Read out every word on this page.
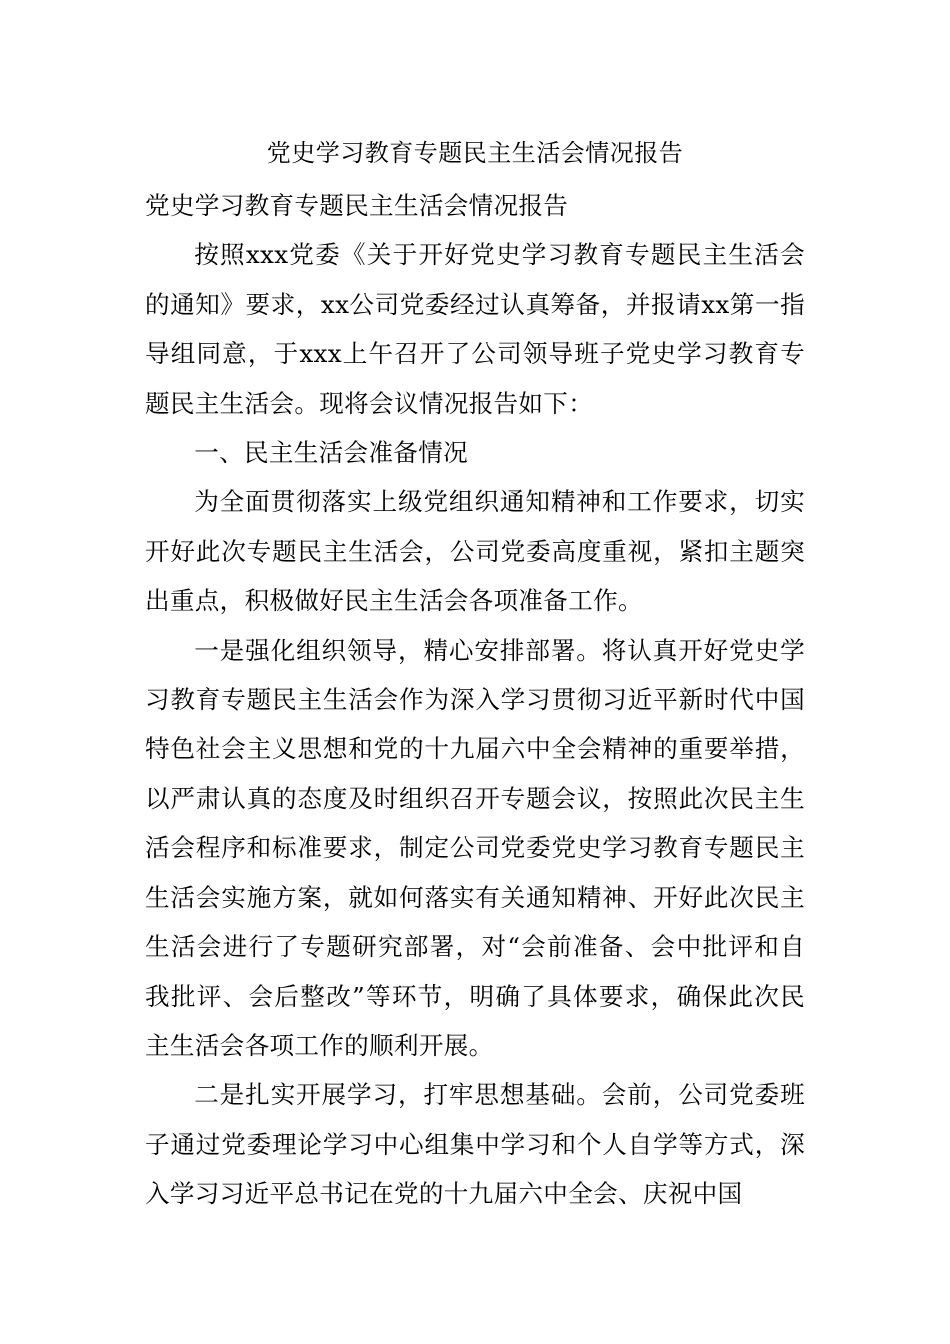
党史学习教育专题民主生活会情况报告

党史学习教育专题民主生活会情况报告

按照xxx党委《关于开好党史学习教育专题民主生活会的通知》要求，xx公司党委经过认真筹备，并报请xx第一指导组同意，于xxx上午召开了公司领导班子党史学习教育专题民主生活会。现将会议情况报告如下：

一、民主生活会准备情况

为全面贯彻落实上级党组织通知精神和工作要求，切实开好此次专题民主生活会，公司党委高度重视，紧扣主题突出重点，积极做好民主生活会各项准备工作。

一是强化组织领导，精心安排部署。将认真开好党史学习教育专题民主生活会作为深入学习贯彻习近平新时代中国特色社会主义思想和党的十九届六中全会精神的重要举措，以严肃认真的态度及时组织召开专题会议，按照此次民主生活会程序和标准要求，制定公司党委党史学习教育专题民主生活会实施方案，就如何落实有关通知精神、开好此次民主生活会进行了专题研究部署，对“会前准备、会中批评和自我批评、会后整改”等环节，明确了具体要求，确保此次民主生活会各项工作的顺利开展。

二是扎实开展学习，打牢思想基础。会前，公司党委班子通过党委理论学习中心组集中学习和个人自学等方式，深入学习习近平总书记在党的十九届六中全会、庆祝中国
